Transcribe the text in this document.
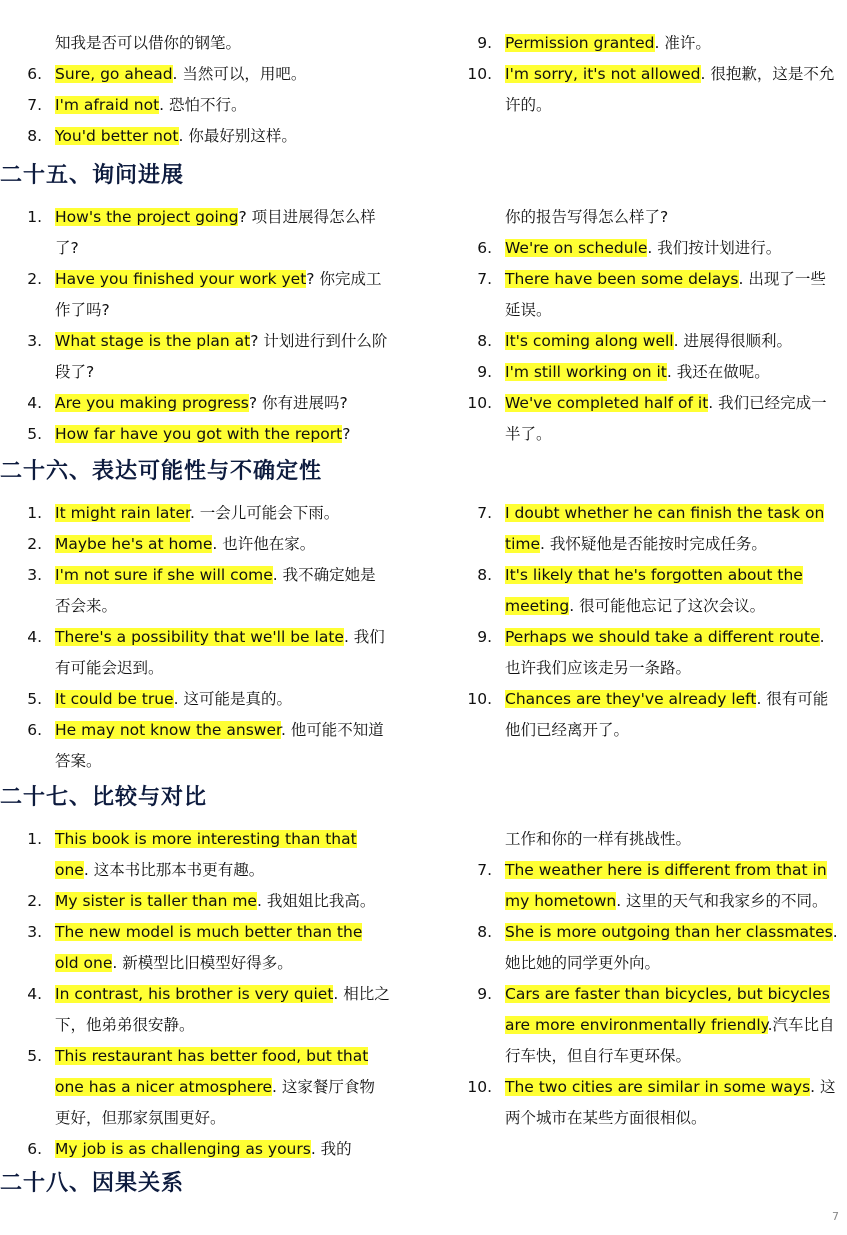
知我是否可以借你的钢笔。
6. Sure, go ahead. 当然可以，用吧。
7. I'm afraid not. 恐怕不行。
8. You'd better not. 你最好别这样。
9. Permission granted. 准许。
10. I'm sorry, it's not allowed. 很抱歉，这是不允许的。
二十五、询问进展
1. How's the project going? 项目进展得怎么样了?
2. Have you finished your work yet? 你完成工作了吗?
3. What stage is the plan at? 计划进行到什么阶段了?
4. Are you making progress? 你有进展吗?
5. How far have you got with the report?
你的报告写得怎么样了?
6. We're on schedule. 我们按计划进行。
7. There have been some delays. 出现了一些延误。
8. It's coming along well. 进展得很顺利。
9. I'm still working on it. 我还在做呢。
10. We've completed half of it. 我们已经完成一半了。
二十六、表达可能性与不确定性
1. It might rain later. 一会儿可能会下雨。
2. Maybe he's at home. 也许他在家。
3. I'm not sure if she will come. 我不确定她是否会来。
4. There's a possibility that we'll be late. 我们有可能会迟到。
5. It could be true. 这可能是真的。
6. He may not know the answer. 他可能不知道答案。
7. I doubt whether he can finish the task on time. 我怀疑他是否能按时完成任务。
8. It's likely that he's forgotten about the meeting. 很可能他忘记了这次会议。
9. Perhaps we should take a different route. 也许我们应该走另一条路。
10. Chances are they've already left. 很有可能他们已经离开了。
二十七、比较与对比
1. This book is more interesting than that one. 这本书比那本书更有趣。
2. My sister is taller than me. 我姐姐比我高。
3. The new model is much better than the old one. 新模型比旧模型好得多。
4. In contrast, his brother is very quiet. 相比之下，他弟弟很安静。
5. This restaurant has better food, but that one has a nicer atmosphere. 这家餐厅食物更好，但那家氛围更好。
6. My job is as challenging as yours. 我的
工作和你的一样有挑战性。
7. The weather here is different from that in my hometown. 这里的天气和我家乡的不同。
8. She is more outgoing than her classmates. 她比她的同学更外向。
9. Cars are faster than bicycles, but bicycles are more environmentally friendly.汽车比自行车快，但自行车更环保。
10. The two cities are similar in some ways. 这两个城市在某些方面很相似。
二十八、因果关系
7
